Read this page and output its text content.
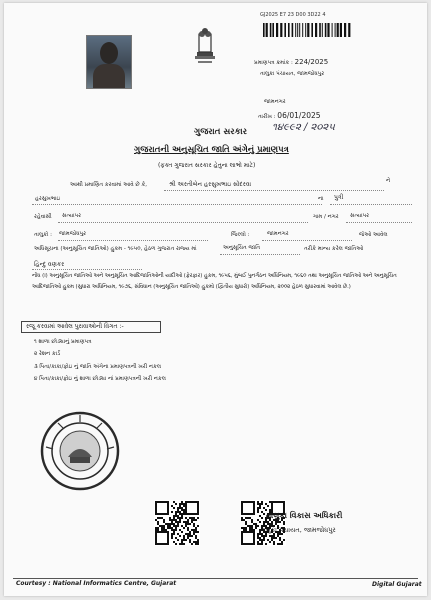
GJ2025 E7 23 D00 3D22 4
પ્રમાણપત્ર ક્રમાંક : 224/2025
તાલુકા પંચાયત, જામજોધપુર
જામનગર
તારીખ : 06/01/2025
૧૪૯૯૨ / ૨૦૨૫
ગુજરાત સરકાર
ગુજરાતની અનુસૂચિત જાતિ અંગેનું પ્રમાણપત્ર
(ફક્ત ગુજરાત સરકાર હેતુના લાભો માટે)
આથી પ્રમાણિત કરવામાં આવે છે કે,	શ્રી અરતીબેન હરસુખભાઇ સોંદરવા	ને
હરસુખભાઇ	ના પુત્રી
રહેવાસી સત્યાપર	ગામ / નગર સત્યાપર
તાલુકો : જામજોધપુર	જિલ્લો :	જામનગર	જેઓ આવેલ
અધિસૂચના (અનુસૂચિત જાતિઓ) હુકમ - ૧૯૫૦, હેઠળ ગુજરાત રાજ્ય માં	અનુસૂચિત જાતિ	તરીકે માન્ય કરેલ જાતિઓ
હિન્દુ વણકર
નોંધ (i) અનુસૂચિત જાતિઓ અને અનુસૂચિત આદિજાતિઓની યાદીઓ (ફેરફાર) હુકમ, ૧૯૫૬, મુંબઈ પુનર્ગઠન અધિનિયમ, ૧૯૬૦ તથા અનુસૂચિત જાતિઓ અને અનુસૂચિત આદિજાતિઓ હુકમ (સુધારા અધિનિયમ, ૧૯૭૬, સંવિધાન (અનુસૂચિત જાતિઓ) હુકમો (દ્વિતીય સુધારો) અધિનિયમ, ૨૦૦૨ હેઠળ સુધારવામાં આવેલ છે.)
રજૂ કરવામાં આવેલ પુરાવાઓની વિગત :-
૧ શાળા છોડ્યાનું પ્રમાણપત્ર
૨ રેશન કાર્ડ
૩ પિતા/કાકા/ફોઇ નું જાતિ અંગેના પ્રમાણપત્રની ખરી નકલ
૪ પિતા/કાકા/ફોઇ નું શાળા છોડ્યા નાં પ્રમાણપત્રની ખરી નકલ
તાલુકા વિકાસ અધિકારી
તાલુકા પંચાયત, જામજોધપુર
Courtesy : National Informatics Centre, Gujarat	Digital Gujarat
